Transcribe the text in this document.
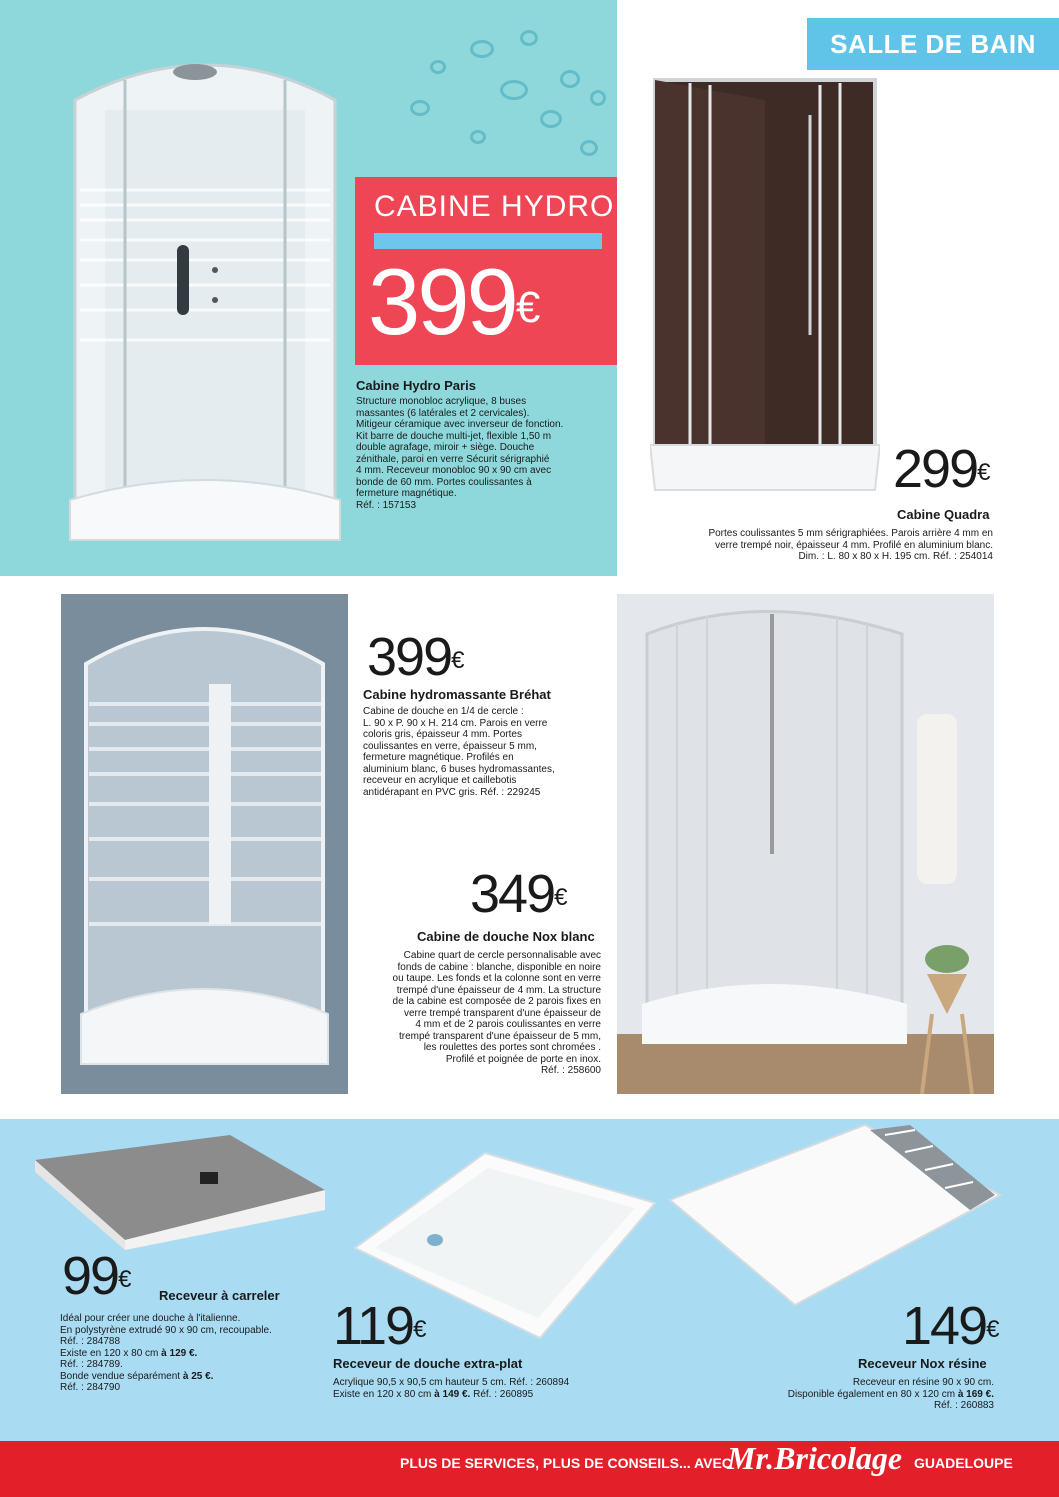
SALLE DE BAIN
CABINE HYDRO
399€
Cabine Hydro Paris
Structure monobloc acrylique, 8 buses
massantes (6 latérales et 2 cervicales).
Mitigeur céramique avec inverseur de fonction.
Kit barre de douche multi-jet, flexible 1,50 m
double agrafage, miroir + siège. Douche
zénithale, paroi en verre Sécurit sérigraphié
4 mm. Receveur monobloc 90 x 90 cm avec
bonde de 60 mm. Portes coulissantes à
fermeture magnétique.
Réf. : 157153
299€
Cabine Quadra
Portes coulissantes 5 mm sérigraphiées. Parois arrière 4 mm en
verre trempé noir, épaisseur 4 mm. Profilé en aluminium blanc.
Dim. : L. 80 x 80 x H. 195 cm. Réf. : 254014
399€
Cabine hydromassante Bréhat
Cabine de douche en 1/4 de cercle :
L. 90 x P. 90 x H. 214 cm. Parois en verre
coloris gris, épaisseur 4 mm. Portes
coulissantes en verre, épaisseur 5 mm,
fermeture magnétique. Profilés en
aluminium blanc, 6 buses hydromassantes,
receveur en acrylique et caillebotis
antidérapant en PVC gris. Réf. : 229245
349€
Cabine de douche Nox blanc
Cabine quart de cercle personnalisable avec
fonds de cabine : blanche, disponible en noire
ou taupe. Les fonds et la colonne sont en verre
trempé d'une épaisseur de 4 mm. La structure
de la cabine est composée de 2 parois fixes en
verre trempé transparent d'une épaisseur de
4 mm et de 2 parois coulissantes en verre
trempé transparent d'une épaisseur de 5 mm,
les roulettes des portes sont chromées .
Profilé et poignée de porte en inox.
Réf. : 258600
99€
Receveur à carreler
Idéal pour créer une douche à l'italienne.
En polystyrène extrudé 90 x 90 cm, recoupable.
Réf. : 284788
Existe en 120 x 80 cm à 129 €.
Réf. : 284789.
Bonde vendue séparément à 25 €.
Réf. : 284790
119€
Receveur de douche extra-plat
Acrylique 90,5 x 90,5 cm hauteur 5 cm. Réf. : 260894
Existe en 120 x 80 cm à 149 €. Réf. : 260895
149€
Receveur Nox résine
Receveur en résine 90 x 90 cm.
Disponible également en 80 x 120 cm à 169 €.
Réf. : 260883
PLUS DE SERVICES, PLUS DE CONSEILS... AVEC
Mr.Bricolage GUADELOUPE
